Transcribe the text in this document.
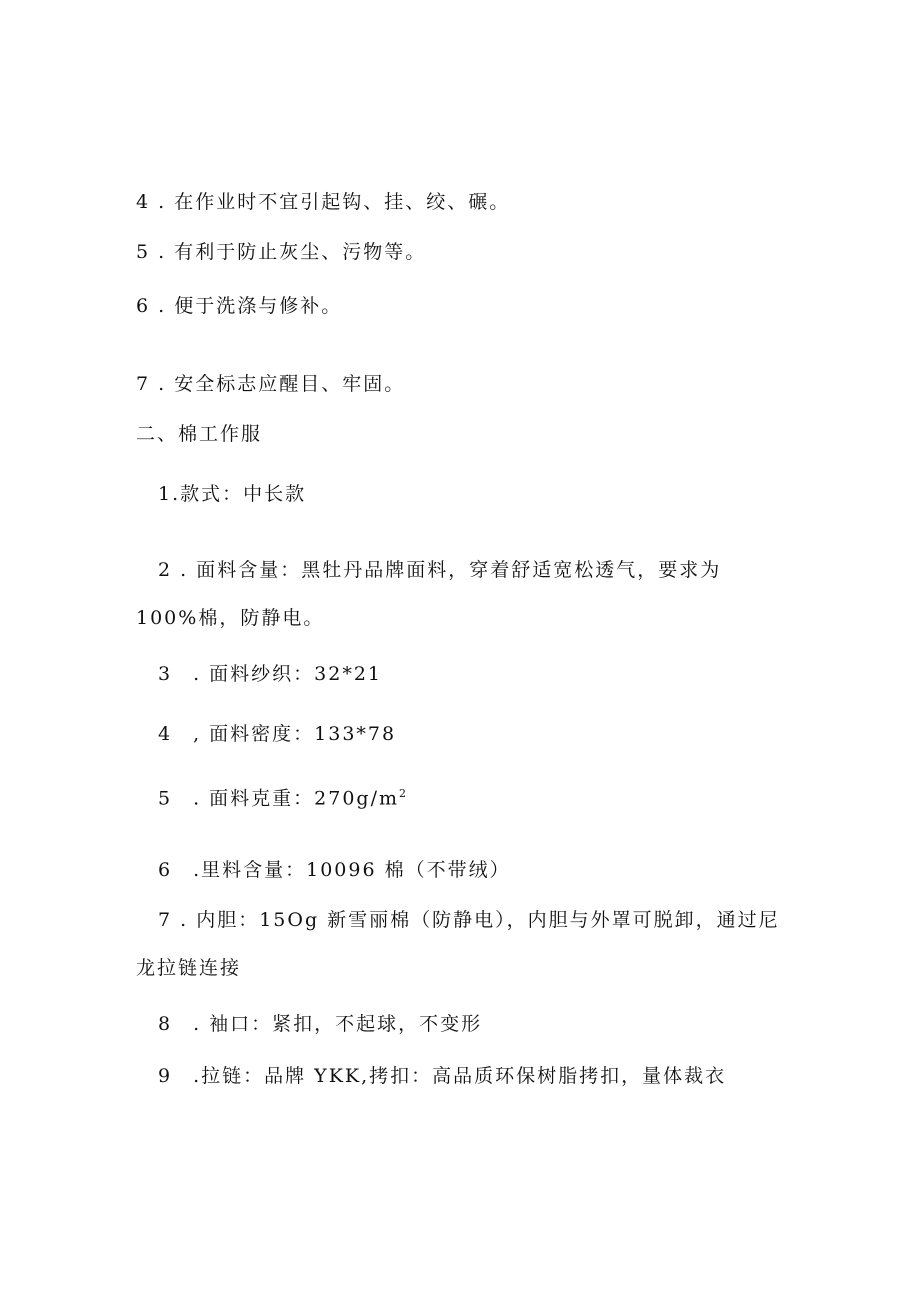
4 . 在作业时不宜引起钩、挂、绞、碾。
5 . 有利于防止灰尘、污物等。
6 . 便于洗涤与修补。
7 . 安全标志应醒目、牢固。
二、棉工作服
1.款式：中长款
2 . 面料含量：黑牡丹品牌面料，穿着舒适宽松透气，要求为
100%棉，防静电。
3　. 面料纱织：32*21
4　, 面料密度：133*78
5　. 面料克重：$270g∕m^2$
6　.里料含量：10096 棉（不带绒）
7 . 内胆：15Og 新雪丽棉（防静电），内胆与外罩可脱卸，通过尼
龙拉链连接
8　. 袖口：紧扣，不起球，不变形
9　.拉链：品牌 YKK,拷扣：高品质环保树脂拷扣，量体裁衣
